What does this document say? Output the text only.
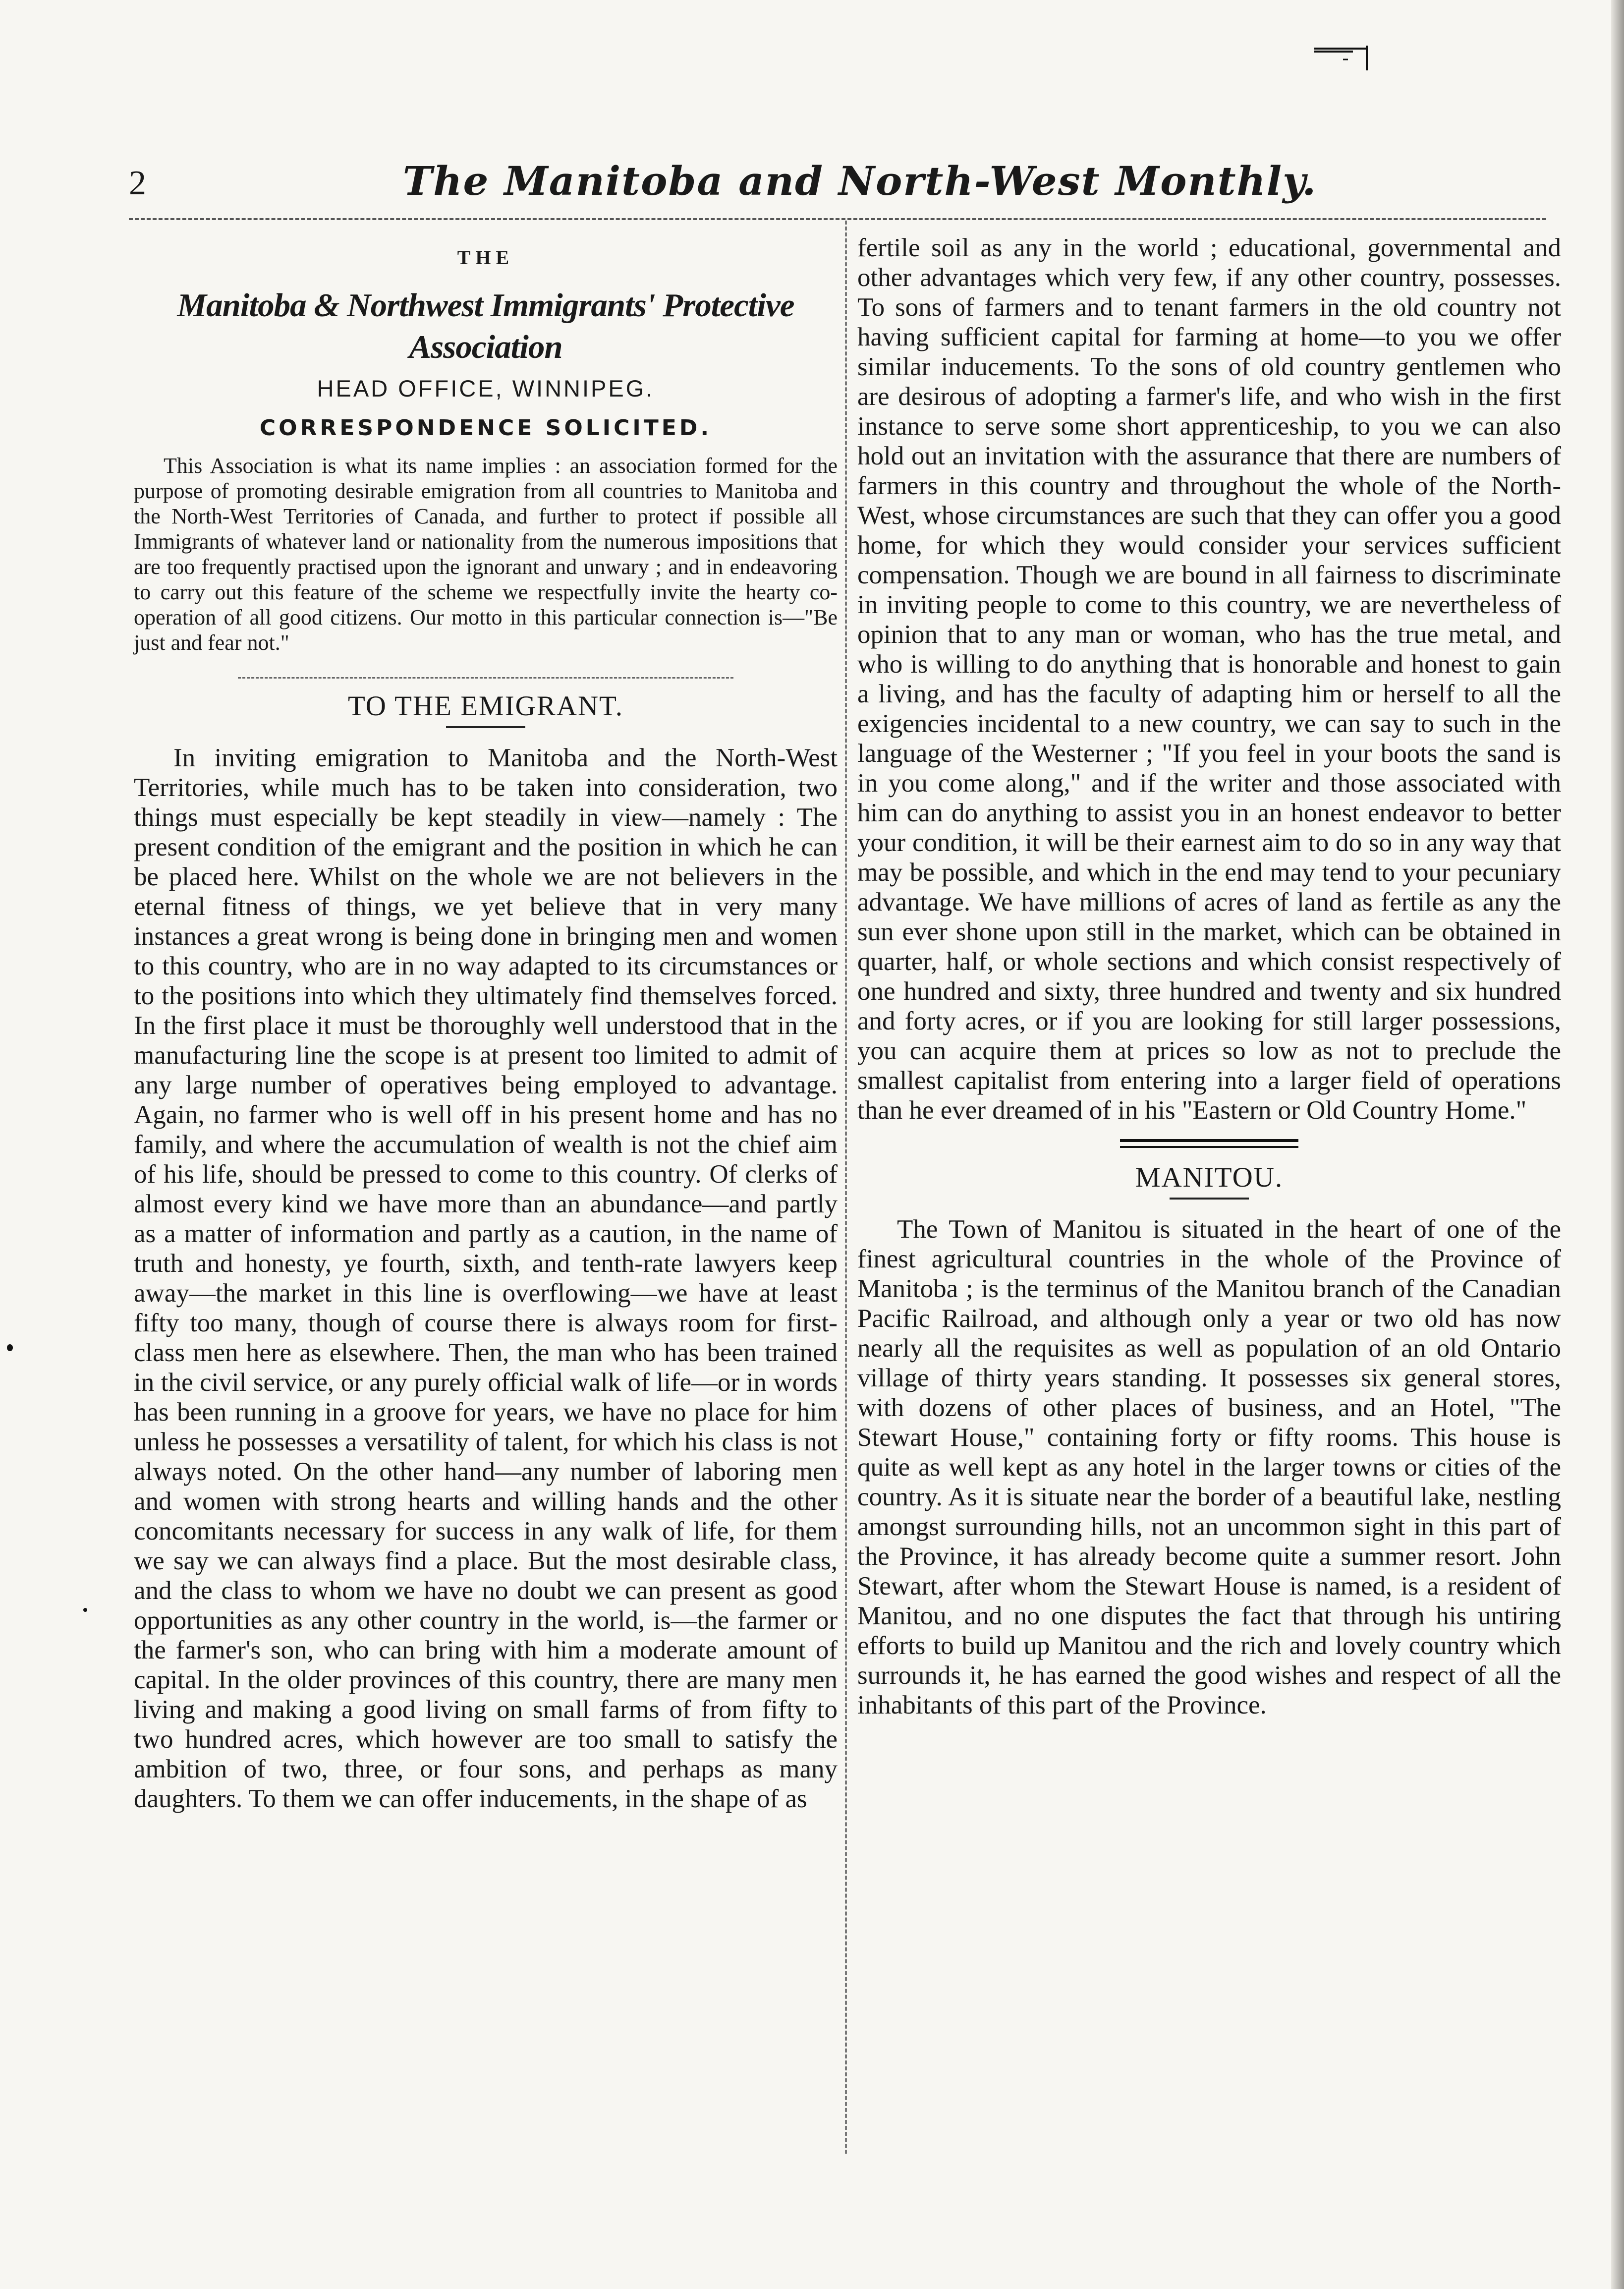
2	The Manitoba and North-West Monthly.
THE
Manitoba & Northwest Immigrants' Protective Association
HEAD OFFICE, WINNIPEG.
CORRESPONDENCE SOLICITED.
This Association is what its name implies : an association formed for the purpose of promoting desirable emigration from all countries to Manitoba and the North-West Territories of Canada, and further to protect if possible all Immigrants of whatever land or nationality from the numerous impositions that are too frequently practised upon the ignorant and unwary ; and in endeavoring to carry out this feature of the scheme we respectfully invite the hearty co-operation of all good citizens. Our motto in this particular connection is—"Be just and fear not."
TO THE EMIGRANT.

In inviting emigration to Manitoba and the North-West Territories, while much has to be taken into consideration, two things must especially be kept steadily in view—namely : The present condition of the emigrant and the position in which he can be placed here. Whilst on the whole we are not believers in the eternal fitness of things, we yet believe that in very many instances a great wrong is being done in bringing men and women to this country, who are in no way adapted to its circumstances or to the positions into which they ultimately find themselves forced. In the first place it must be thoroughly well understood that in the manufacturing line the scope is at present too limited to admit of any large number of operatives being employed to advantage. Again, no farmer who is well off in his present home and has no family, and where the accumulation of wealth is not the chief aim of his life, should be pressed to come to this country. Of clerks of almost every kind we have more than an abundance—and partly as a matter of information and partly as a caution, in the name of truth and honesty, ye fourth, sixth, and tenth-rate lawyers keep away—the market in this line is overflowing—we have at least fifty too many, though of course there is always room for first-class men here as elsewhere. Then, the man who has been trained in the civil service, or any purely official walk of life—or in words has been running in a groove for years, we have no place for him unless he possesses a versatility of talent, for which his class is not always noted. On the other hand—any number of laboring men and women with strong hearts and willing hands and the other concomitants necessary for success in any walk of life, for them we say we can always find a place. But the most desirable class, and the class to whom we have no doubt we can present as good opportunities as any other country in the world, is—the farmer or the farmer's son, who can bring with him a moderate amount of capital. In the older provinces of this country, there are many men living and making a good living on small farms of from fifty to two hundred acres, which however are too small to satisfy the ambition of two, three, or four sons, and perhaps as many daughters. To them we can offer inducements, in the shape of as

fertile soil as any in the world ; educational, governmental and other advantages which very few, if any other country, possesses. To sons of farmers and to tenant farmers in the old country not having sufficient capital for farming at home—to you we offer similar inducements. To the sons of old country gentlemen who are desirous of adopting a farmer's life, and who wish in the first instance to serve some short apprenticeship, to you we can also hold out an invitation with the assurance that there are numbers of farmers in this country and throughout the whole of the North-West, whose circumstances are such that they can offer you a good home, for which they would consider your services sufficient compensation. Though we are bound in all fairness to discriminate in inviting people to come to this country, we are nevertheless of opinion that to any man or woman, who has the true metal, and who is willing to do anything that is honorable and honest to gain a living, and has the faculty of adapting him or herself to all the exigencies incidental to a new country, we can say to such in the language of the Westerner ; "If you feel in your boots the sand is in you come along," and if the writer and those associated with him can do anything to assist you in an honest endeavor to better your condition, it will be their earnest aim to do so in any way that may be possible, and which in the end may tend to your pecuniary advantage. We have millions of acres of land as fertile as any the sun ever shone upon still in the market, which can be obtained in quarter, half, or whole sections and which consist respectively of one hundred and sixty, three hundred and twenty and six hundred and forty acres, or if you are looking for still larger possessions, you can acquire them at prices so low as not to preclude the smallest capitalist from entering into a larger field of operations than he ever dreamed of in his "Eastern or Old Country Home."

MANITOU.

The Town of Manitou is situated in the heart of one of the finest agricultural countries in the whole of the Province of Manitoba ; is the terminus of the Manitou branch of the Canadian Pacific Railroad, and although only a year or two old has now nearly all the requisites as well as population of an old Ontario village of thirty years standing. It possesses six general stores, with dozens of other places of business, and an Hotel, "The Stewart House," containing forty or fifty rooms. This house is quite as well kept as any hotel in the larger towns or cities of the country. As it is situate near the border of a beautiful lake, nestling amongst surrounding hills, not an uncommon sight in this part of the Province, it has already become quite a summer resort. John Stewart, after whom the Stewart House is named, is a resident of Manitou, and no one disputes the fact that through his untiring efforts to build up Manitou and the rich and lovely country which surrounds it, he has earned the good wishes and respect of all the inhabitants of this part of the Province.
